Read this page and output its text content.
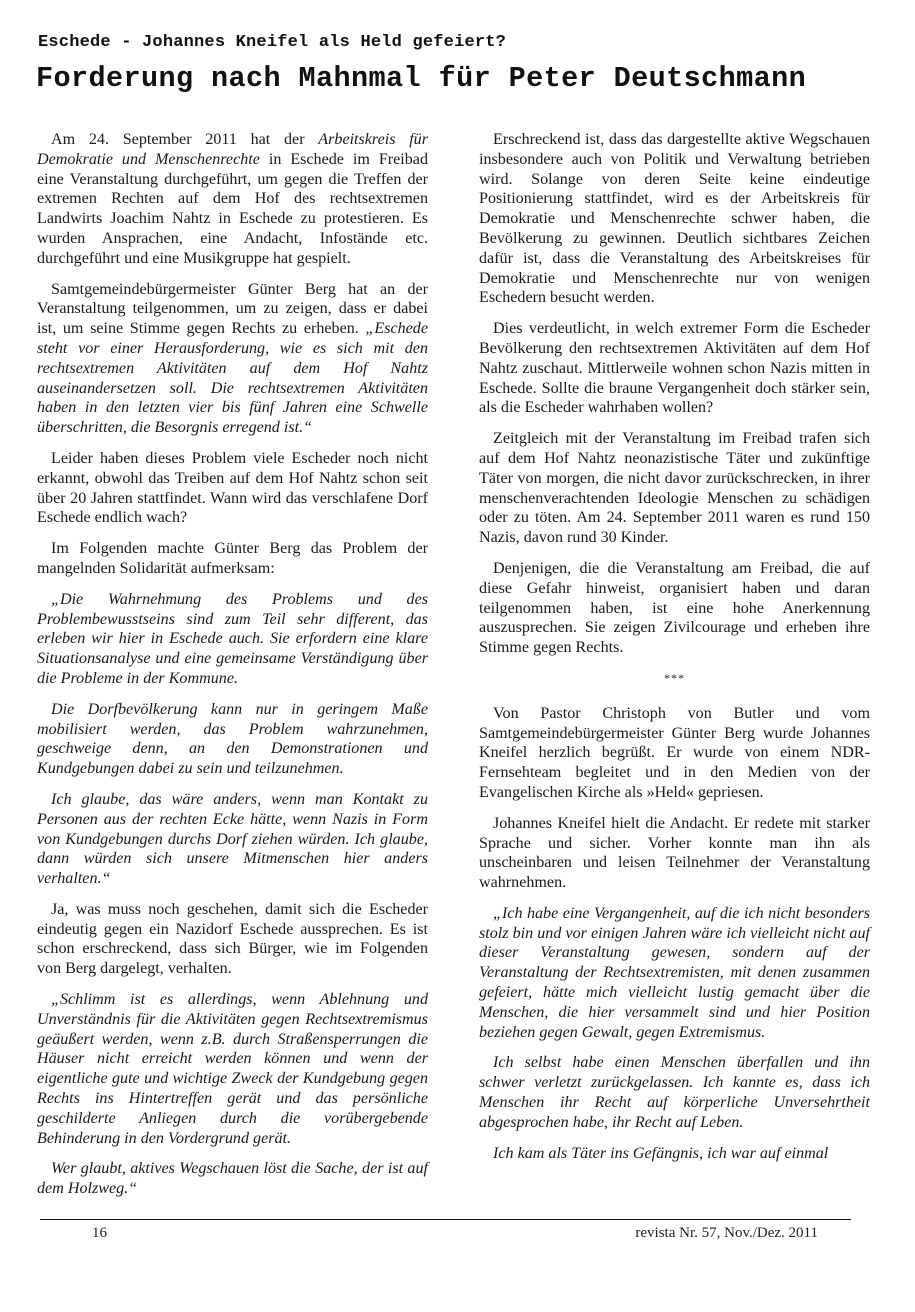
Eschede - Johannes Kneifel als Held gefeiert?
Forderung nach Mahnmal für Peter Deutschmann

Am 24. September 2011 hat der Arbeitskreis für Demokratie und Menschenrechte in Eschede im Freibad eine Veranstaltung durchgeführt, um gegen die Treffen der extremen Rechten auf dem Hof des rechtsextremen Landwirts Joachim Nahtz in Eschede zu protestieren. Es wurden Ansprachen, eine Andacht, Infostände etc. durchgeführt und eine Musikgruppe hat gespielt.

Samtgemeindebürgermeister Günter Berg hat an der Veranstaltung teilgenommen, um zu zeigen, dass er dabei ist, um seine Stimme gegen Rechts zu erheben. „Eschede steht vor einer Herausforderung, wie es sich mit den rechtsextremen Aktivitäten auf dem Hof Nahtz auseinandersetzen soll. Die rechtsextremen Aktivitäten haben in den letzten vier bis fünf Jahren eine Schwelle überschritten, die Besorgnis erregend ist.“

Leider haben dieses Problem viele Escheder noch nicht erkannt, obwohl das Treiben auf dem Hof Nahtz schon seit über 20 Jahren stattfindet. Wann wird das verschlafene Dorf Eschede endlich wach?

Im Folgenden machte Günter Berg das Problem der mangelnden Solidarität aufmerksam:

„Die Wahrnehmung des Problems und des Problembewusstseins sind zum Teil sehr different, das erleben wir hier in Eschede auch. Sie erfordern eine klare Situationsanalyse und eine gemeinsame Verständigung über die Probleme in der Kommune.

Die Dorfbevölkerung kann nur in geringem Maße mobilisiert werden, das Problem wahrzunehmen, geschweige denn, an den Demonstrationen und Kundgebungen dabei zu sein und teilzunehmen.

Ich glaube, das wäre anders, wenn man Kontakt zu Personen aus der rechten Ecke hätte, wenn Nazis in Form von Kundgebungen durchs Dorf ziehen würden. Ich glaube, dann würden sich unsere Mitmenschen hier anders verhalten.“

Ja, was muss noch geschehen, damit sich die Escheder eindeutig gegen ein Nazidorf Eschede aussprechen. Es ist schon erschreckend, dass sich Bürger, wie im Folgenden von Berg dargelegt, verhalten.

„Schlimm ist es allerdings, wenn Ablehnung und Unverständnis für die Aktivitäten gegen Rechtsextremismus geäußert werden, wenn z.B. durch Straßensperrungen die Häuser nicht erreicht werden können und wenn der eigentliche gute und wichtige Zweck der Kundgebung gegen Rechts ins Hintertreffen gerät und das persönliche geschilderte Anliegen durch die vorübergebende Behinderung in den Vordergrund gerät.

Wer glaubt, aktives Wegschauen löst die Sache, der ist auf dem Holzweg.“

Erschreckend ist, dass das dargestellte aktive Wegschauen insbesondere auch von Politik und Verwaltung betrieben wird. Solange von deren Seite keine eindeutige Positionierung stattfindet, wird es der Arbeitskreis für Demokratie und Menschenrechte schwer haben, die Bevölkerung zu gewinnen. Deutlich sichtbares Zeichen dafür ist, dass die Veranstaltung des Arbeitskreises für Demokratie und Menschenrechte nur von wenigen Eschedern besucht werden.

Dies verdeutlicht, in welch extremer Form die Escheder Bevölkerung den rechtsextremen Aktivitäten auf dem Hof Nahtz zuschaut. Mittlerweile wohnen schon Nazis mitten in Eschede. Sollte die braune Vergangenheit doch stärker sein, als die Escheder wahrhaben wollen?

Zeitgleich mit der Veranstaltung im Freibad trafen sich auf dem Hof Nahtz neonazistische Täter und zukünftige Täter von morgen, die nicht davor zurückschrecken, in ihrer menschenverachtenden Ideologie Menschen zu schädigen oder zu töten. Am 24. September 2011 waren es rund 150 Nazis, davon rund 30 Kinder.

Denjenigen, die die Veranstaltung am Freibad, die auf diese Gefahr hinweist, organisiert haben und daran teilgenommen haben, ist eine hohe Anerkennung auszusprechen. Sie zeigen Zivilcourage und erheben ihre Stimme gegen Rechts.

***

Von Pastor Christoph von Butler und vom Samtgemeindebürgermeister Günter Berg wurde Johannes Kneifel herzlich begrüßt. Er wurde von einem NDR-Fernsehteam begleitet und in den Medien von der Evangelischen Kirche als »Held« gepriesen.

Johannes Kneifel hielt die Andacht. Er redete mit starker Sprache und sicher. Vorher konnte man ihn als unscheinbaren und leisen Teilnehmer der Veranstaltung wahrnehmen.

„Ich habe eine Vergangenheit, auf die ich nicht besonders stolz bin und vor einigen Jahren wäre ich vielleicht nicht auf dieser Veranstaltung gewesen, sondern auf der Veranstaltung der Rechtsextremisten, mit denen zusammen gefeiert, hätte mich vielleicht lustig gemacht über die Menschen, die hier versammelt sind und hier Position beziehen gegen Gewalt, gegen Extremismus.

Ich selbst habe einen Menschen überfallen und ihn schwer verletzt zurückgelassen. Ich kannte es, dass ich Menschen ihr Recht auf körperliche Unversehrtheit abgesprochen habe, ihr Recht auf Leben.

Ich kam als Täter ins Gefängnis, ich war auf einmal

16	revista Nr. 57, Nov./Dez. 2011
